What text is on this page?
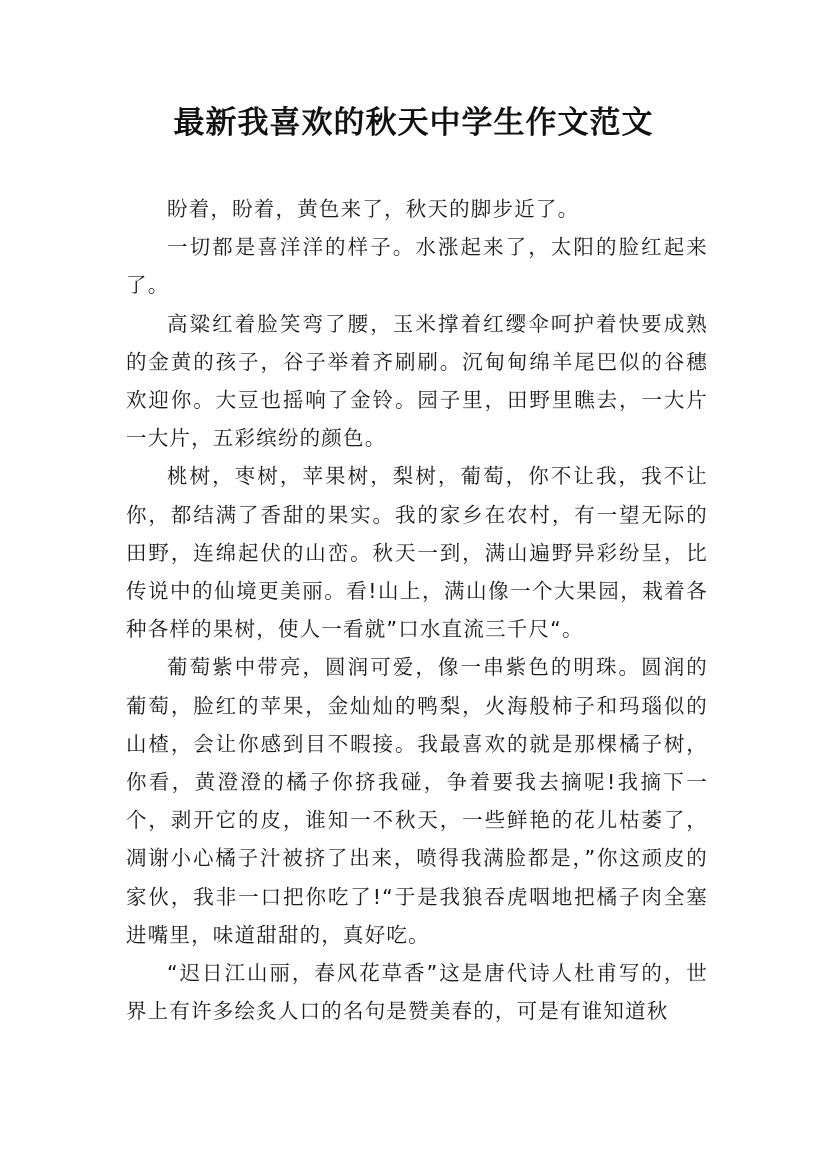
最新我喜欢的秋天中学生作文范文

盼着，盼着，黄色来了，秋天的脚步近了。

一切都是喜洋洋的样子。水涨起来了，太阳的脸红起来了。

高粱红着脸笑弯了腰，玉米撑着红缨伞呵护着快要成熟的金黄的孩子，谷子举着齐刷刷。沉甸甸绵羊尾巴似的谷穗欢迎你。大豆也摇响了金铃。园子里，田野里瞧去，一大片一大片，五彩缤纷的颜色。

桃树，枣树，苹果树，梨树，葡萄，你不让我，我不让你，都结满了香甜的果实。我的家乡在农村，有一望无际的田野，连绵起伏的山峦。秋天一到，满山遍野异彩纷呈，比传说中的仙境更美丽。看!山上，满山像一个大果园，栽着各种各样的果树，使人一看就”口水直流三千尺“。

葡萄紫中带亮，圆润可爱，像一串紫色的明珠。圆润的葡萄，脸红的苹果，金灿灿的鸭梨，火海般柿子和玛瑙似的山楂，会让你感到目不暇接。我最喜欢的就是那棵橘子树，你看，黄澄澄的橘子你挤我碰，争着要我去摘呢!我摘下一个，剥开它的皮，谁知一不秋天，一些鲜艳的花儿枯萎了，凋谢小心橘子汁被挤了出来，喷得我满脸都是，”你这顽皮的家伙，我非一口把你吃了!“于是我狼吞虎咽地把橘子肉全塞进嘴里，味道甜甜的，真好吃。

“迟日江山丽，春风花草香”这是唐代诗人杜甫写的，世界上有许多绘炙人口的名句是赞美春的，可是有谁知道秋
